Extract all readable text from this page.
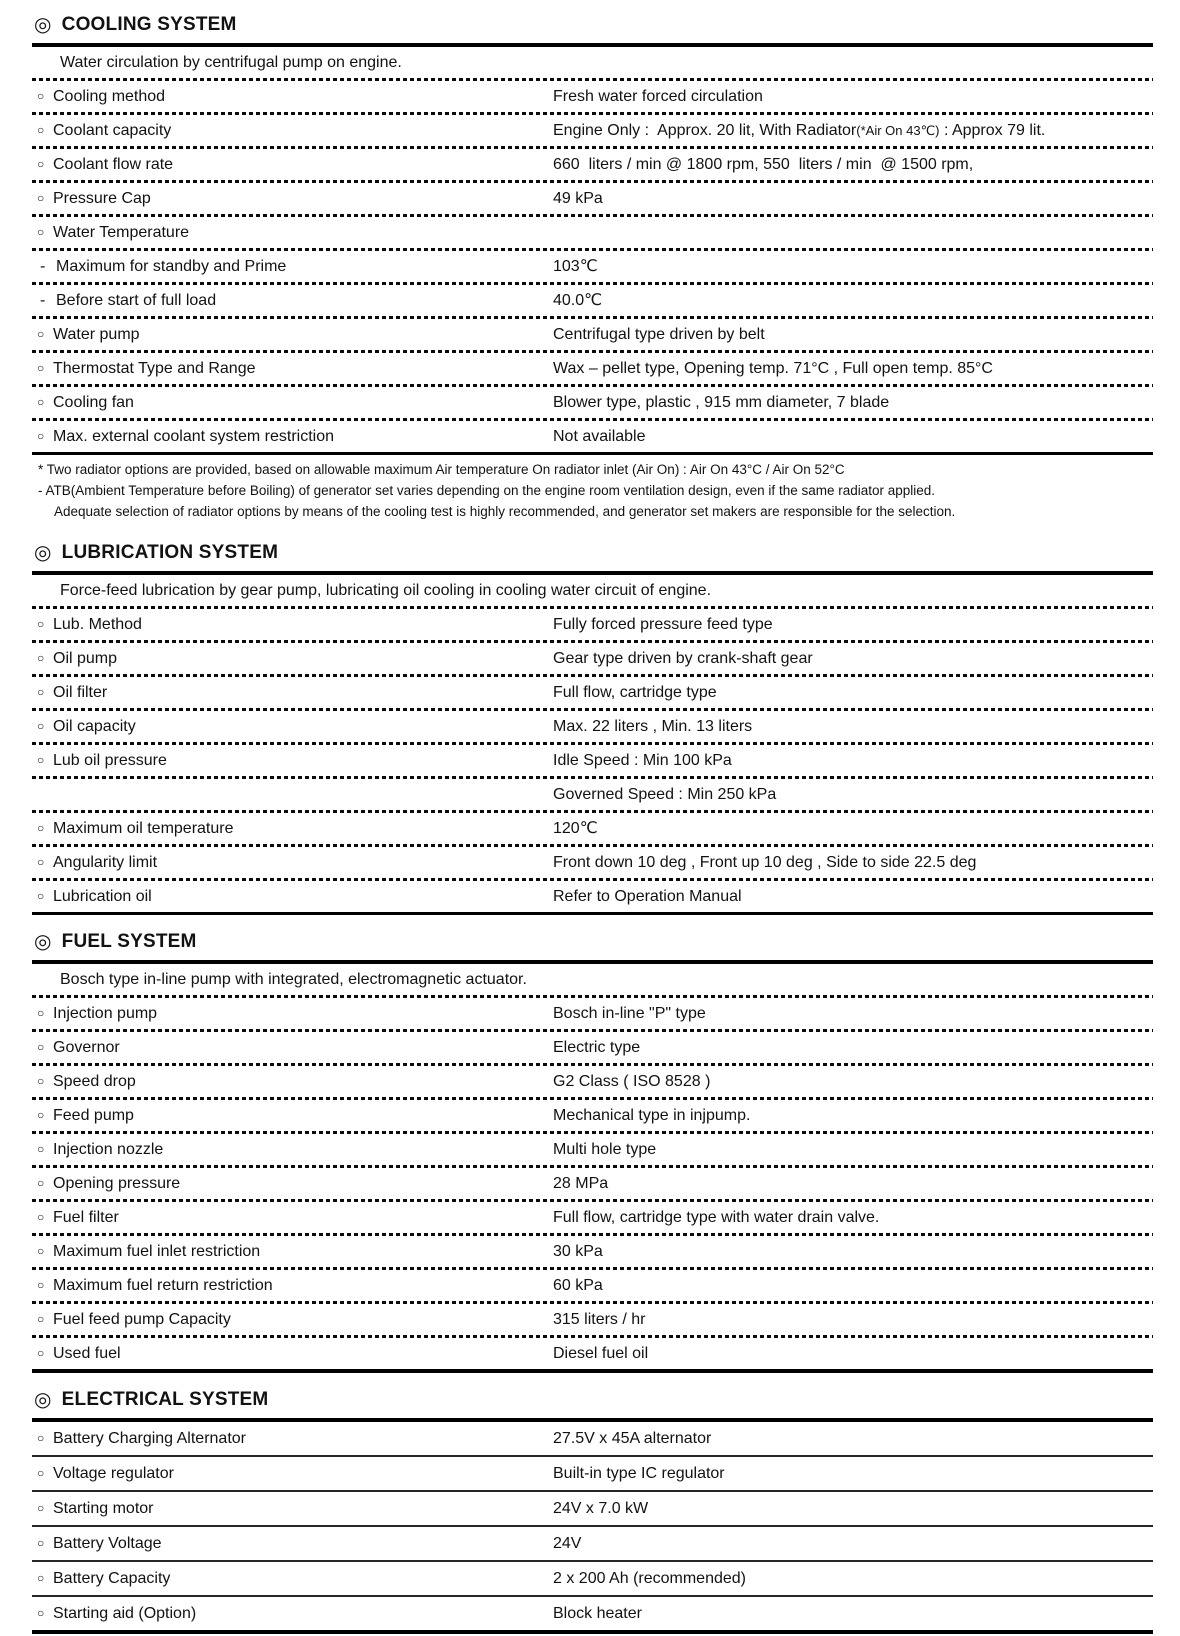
◎ COOLING SYSTEM
Water circulation by centrifugal pump on engine.
○ Cooling method	Fresh water forced circulation
○ Coolant capacity	Engine Only :  Approx. 20 lit, With Radiator(*Air On 43℃) : Approx 79 lit.
○ Coolant flow rate	660  liters / min @ 1800 rpm, 550  liters / min  @ 1500 rpm,
○ Pressure Cap	49 kPa
○ Water Temperature
- Maximum for standby and Prime	103℃
- Before start of full load	40.0℃
○ Water pump	Centrifugal type driven by belt
○ Thermostat Type and Range	Wax – pellet type, Opening temp. 71°C , Full open temp. 85°C
○ Cooling fan	Blower type, plastic , 915 mm diameter, 7 blade
○ Max. external coolant system restriction	Not available
* Two radiator options are provided, based on allowable maximum Air temperature On radiator inlet (Air On) : Air On 43°C / Air On 52°C
- ATB(Ambient Temperature before Boiling) of generator set varies depending on the engine room ventilation design, even if the same radiator applied.
Adequate selection of radiator options by means of the cooling test is highly recommended, and generator set makers are responsible for the selection.
◎ LUBRICATION SYSTEM
Force-feed lubrication by gear pump, lubricating oil cooling in cooling water circuit of engine.
○ Lub. Method	Fully forced pressure feed type
○ Oil pump	Gear type driven by crank-shaft gear
○ Oil filter	Full flow, cartridge type
○ Oil capacity	Max. 22 liters , Min. 13 liters
○ Lub oil pressure	Idle Speed : Min 100 kPa
Governed Speed : Min 250 kPa
○ Maximum oil temperature	120℃
○ Angularity limit	Front down 10 deg , Front up 10 deg , Side to side 22.5 deg
○ Lubrication oil	Refer to Operation Manual
◎ FUEL SYSTEM
Bosch type in-line pump with integrated, electromagnetic actuator.
○ Injection pump	Bosch in-line "P" type
○ Governor	Electric type
○ Speed drop	G2 Class ( ISO 8528 )
○ Feed pump	Mechanical type in injpump.
○ Injection nozzle	Multi hole type
○ Opening pressure	28 MPa
○ Fuel filter	Full flow, cartridge type with water drain valve.
○ Maximum fuel inlet restriction	30 kPa
○ Maximum fuel return restriction	60 kPa
○ Fuel feed pump Capacity	315 liters / hr
○ Used fuel	Diesel fuel oil
◎ ELECTRICAL SYSTEM
○ Battery Charging Alternator	27.5V x 45A alternator
○ Voltage regulator	Built-in type IC regulator
○ Starting motor	24V x 7.0 kW
○ Battery Voltage	24V
○ Battery Capacity	2 x 200 Ah (recommended)
○ Starting aid (Option)	Block heater
